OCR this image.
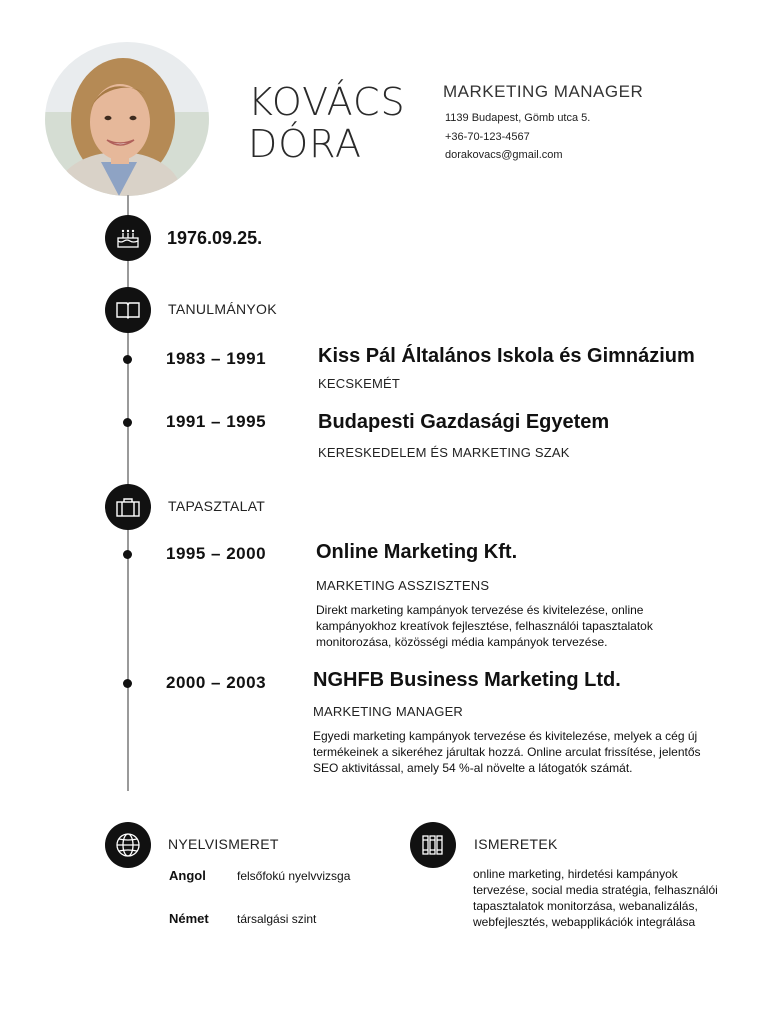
KOVÁCS
DÓRA
MARKETING MANAGER
1139 Budapest, Gömb utca 5.
+36-70-123-4567
dorakovacs@gmail.com
1976.09.25.
TANULMÁNYOK
1983 – 1991	Kiss Pál Általános Iskola és Gimnázium
KECSKEMÉT
1991 – 1995	Budapesti Gazdasági Egyetem
KERESKEDELEM ÉS MARKETING SZAK
TAPASZTALAT
1995 – 2000 Online Marketing Kft.
MARKETING ASSZISZTENS
Direkt marketing kampányok tervezése és kivitelezése, online kampányokhoz kreatívok fejlesztése, felhasználói tapasztalatok monitorozása, közösségi média kampányok tervezése.
2000 – 2003 NGHFB Business Marketing Ltd.
MARKETING MANAGER
Egyedi marketing kampányok tervezése és kivitelezése, melyek a cég új termékeinek a sikeréhez járultak hozzá. Online arculat frissítése, jelentős SEO aktivitással, amely 54 %-al növelte a látogatók számát.
NYELVISMERET
Angol	felsőfokú nyelvvizsga
Német társalgási szint
ISMERETEK
online marketing, hirdetési kampányok tervezése, social media stratégia, felhasználói tapasztalatok monitorzása, webanalizálás, webfejlesztés, webapplikációk integrálása
